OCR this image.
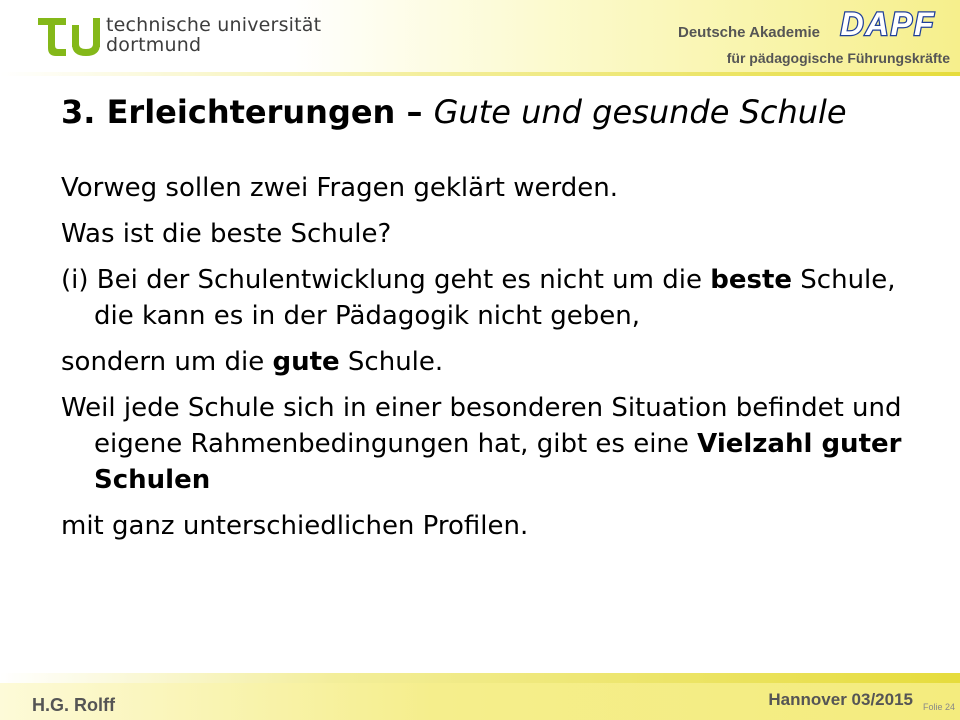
technische universität
dortmund
Deutsche Akademie DAPF
für pädagogische Führungskräfte
3. Erleichterungen – Gute und gesunde Schule

Vorweg sollen zwei Fragen geklärt werden.

Was ist die beste Schule?

(i) Bei der Schulentwicklung geht es nicht um die beste Schule, die kann es in der Pädagogik nicht geben,

sondern um die gute Schule.

Weil jede Schule sich in einer besonderen Situation befindet und eigene Rahmenbedingungen hat, gibt es eine Vielzahl guter Schulen

mit ganz unterschiedlichen Profilen.

H.G. Rolff	Hannover 03/2015 Folie 24
